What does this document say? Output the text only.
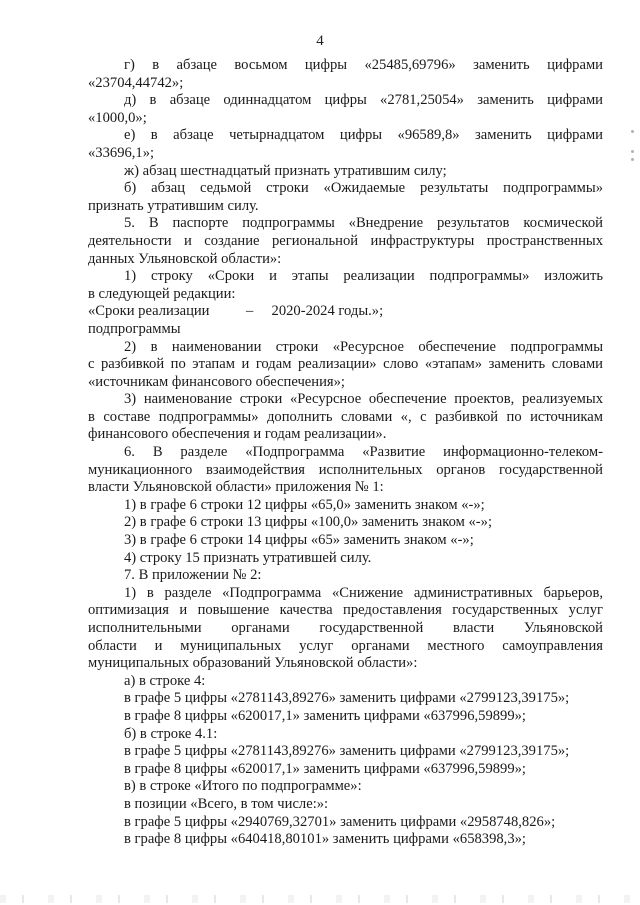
4
г) в абзаце восьмом цифры «25485,69796» заменить цифрами
«23704,44742»;
д) в абзаце одиннадцатом цифры «2781,25054» заменить цифрами
«1000,0»;
е) в абзаце четырнадцатом цифры «96589,8» заменить цифрами
«33696,1»;
ж) абзац шестнадцатый признать утратившим силу;
б) абзац седьмой строки «Ожидаемые результаты подпрограммы»
признать утратившим силу.
5. В паспорте подпрограммы «Внедрение результатов космической
деятельности и создание региональной инфраструктуры пространственных
данных Ульяновской области»:
1) строку «Сроки и этапы реализации подпрограммы» изложить
в следующей редакции:
«Сроки реализации          –     2020-2024 годы.»;
подпрограммы
2) в наименовании строки «Ресурсное обеспечение подпрограммы
с разбивкой по этапам и годам реализации» слово «этапам» заменить словами
«источникам финансового обеспечения»;
3) наименование строки «Ресурсное обеспечение проектов, реализуемых
в составе подпрограммы» дополнить словами «, с разбивкой по источникам
финансового обеспечения и годам реализации».
6. В разделе «Подпрограмма «Развитие информационно-телеком-
муникационного взаимодействия исполнительных органов государственной
власти Ульяновской области» приложения № 1:
1) в графе 6 строки 12 цифры «65,0» заменить знаком «-»;
2) в графе 6 строки 13 цифры «100,0» заменить знаком «-»;
3) в графе 6 строки 14 цифры «65» заменить знаком «-»;
4) строку 15 признать утратившей силу.
7. В приложении № 2:
1) в разделе «Подпрограмма «Снижение административных барьеров,
оптимизация и повышение качества предоставления государственных услуг
исполнительными органами государственной власти Ульяновской
области и муниципальных услуг органами местного самоуправления
муниципальных образований Ульяновской области»:
а) в строке 4:
в графе 5 цифры «2781143,89276» заменить цифрами «2799123,39175»;
в графе 8 цифры «620017,1» заменить цифрами «637996,59899»;
б) в строке 4.1:
в графе 5 цифры «2781143,89276» заменить цифрами «2799123,39175»;
в графе 8 цифры «620017,1» заменить цифрами «637996,59899»;
в) в строке «Итого по подпрограмме»:
в позиции «Всего, в том числе:»:
в графе 5 цифры «2940769,32701» заменить цифрами «2958748,826»;
в графе 8 цифры «640418,80101» заменить цифрами «658398,3»;
